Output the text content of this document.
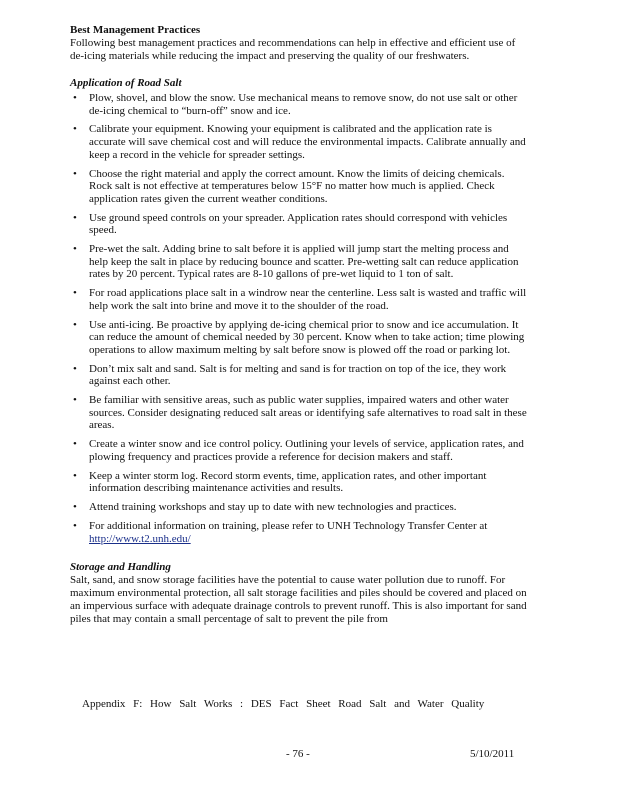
Best Management Practices
Following best management practices and recommendations can help in effective and efficient use of de-icing materials while reducing the impact and preserving the quality of our freshwaters.
Application of Road Salt
• Plow, shovel, and blow the snow. Use mechanical means to remove snow, do not use salt or other de-icing chemical to “burn-off” snow and ice.
• Calibrate your equipment. Knowing your equipment is calibrated and the application rate is accurate will save chemical cost and will reduce the environmental impacts. Calibrate annually and keep a record in the vehicle for spreader settings.
• Choose the right material and apply the correct amount. Know the limits of deicing chemicals. Rock salt is not effective at temperatures below 15°F no matter how much is applied. Check application rates given the current weather conditions.
• Use ground speed controls on your spreader. Application rates should correspond with vehicles speed.
• Pre-wet the salt. Adding brine to salt before it is applied will jump start the melting process and help keep the salt in place by reducing bounce and scatter. Pre-wetting salt can reduce application rates by 20 percent. Typical rates are 8-10 gallons of pre-wet liquid to 1 ton of salt.
• For road applications place salt in a windrow near the centerline. Less salt is wasted and traffic will help work the salt into brine and move it to the shoulder of the road.
• Use anti-icing. Be proactive by applying de-icing chemical prior to snow and ice accumulation. It can reduce the amount of chemical needed by 30 percent. Know when to take action; time plowing operations to allow maximum melting by salt before snow is plowed off the road or parking lot.
• Don’t mix salt and sand. Salt is for melting and sand is for traction on top of the ice, they work against each other.
• Be familiar with sensitive areas, such as public water supplies, impaired waters and other water sources. Consider designating reduced salt areas or identifying safe alternatives to road salt in these areas.
• Create a winter snow and ice control policy. Outlining your levels of service, application rates, and plowing frequency and practices provide a reference for decision makers and staff.
• Keep a winter storm log. Record storm events, time, application rates, and other important information describing maintenance activities and results.
• Attend training workshops and stay up to date with new technologies and practices.
• For additional information on training, please refer to UNH Technology Transfer Center at http://www.t2.unh.edu/
Storage and Handling
Salt, sand, and snow storage facilities have the potential to cause water pollution due to runoff. For maximum environmental protection, all salt storage facilities and piles should be covered and placed on an impervious surface with adequate drainage controls to prevent runoff. This is also important for sand piles that may contain a small percentage of salt to prevent the pile from
Appendix F: How Salt Works : DES Fact Sheet Road Salt and Water Quality
- 76 -	5/10/2011
